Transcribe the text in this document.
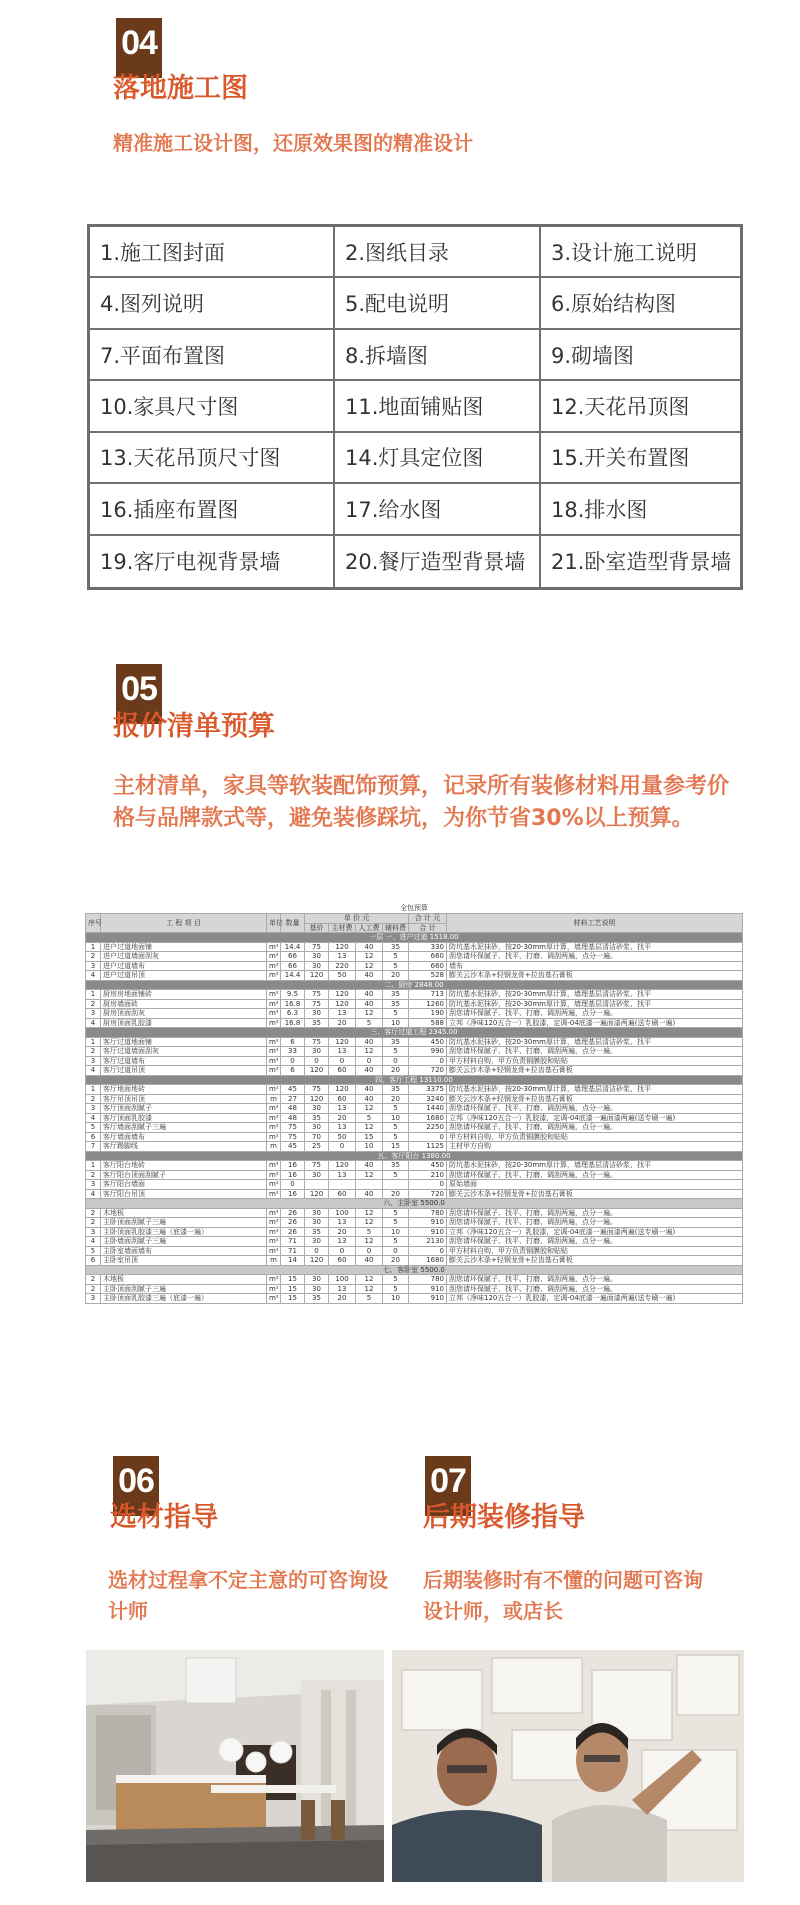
04
落地施工图
精准施工设计图，还原效果图的精准设计
1.施工图封面	2.图纸目录	3.设计施工说明
4.图列说明	5.配电说明	6.原始结构图
7.平面布置图	8.拆墙图	9.砌墙图
10.家具尺寸图	11.地面铺贴图	12.天花吊顶图
13.天花吊顶尺寸图	14.灯具定位图	15.开关布置图
16.插座布置图	17.给水图	18.排水图
19.客厅电视背景墙	20.餐厅造型背景墙	21.卧室造型背景墙
05
报价清单预算
主材清单，家具等软装配饰预算，记录所有装修材料用量参考价格与品牌款式等，避免装修踩坑，为你节省30%以上预算。
全包预算
序号	工 程 项 目	单位	数量	单 价 元				合 计 元	材料工艺说明
				基价	主材费	人工费	辅料费	合 计	
一层 一、进户过道 1518.00									
1	进户过道地面铺	m²	14.4	75	120	40	35	330	防坑基水泥抹砂，按20-30mm厚计算，墙理基层清洁砂浆、找平
2	进户过道墙面刮灰	m²	66	30	13	12	5	660	刮您请坏保腻子、找平、打磨、调刮两遍，点分一遍。
3	进户过道墙布	m²	66	30	220	12	5	660	墙布
4	进户过道吊顶	m²	14.4	120	50	40	20	528	膨关云沙木条+轻钢龙骨+拉齿基石膏板
二、厨房 2848.00									
1	厨房房地面铺砖	m²	9.5	75	120	40	35	713	防坑基水泥抹砂，按20-30mm厚计算，墙理基层清洁砂浆、找平
2	厨房墙面砖	m²	16.8	75	120	40	35	1260	防坑基水泥抹砂，按20-30mm厚计算，墙理基层清洁砂浆、找平
3	厨房顶面刮灰	m²	6.3	30	13	12	5	190	刮您请坏保腻子、找平、打磨、调刮两遍，点分一遍。
4	厨房顶面乳胶漆	m²	16.8	35	20	5	10	588	立邦（净味120五合一）乳胶漆，定调-04底漆一遍面漆两遍(送专刷一遍)
三、客厅过道工程 2345.00									
1	客厅过道地面铺	m²	6	75	120	40	35	450	防坑基水泥抹砂，按20-30mm厚计算，墙理基层清洁砂浆、找平
2	客厅过道墙面刮灰	m²	33	30	13	12	5	990	刮您请坏保腻子、找平、打磨、调刮两遍，点分一遍。
3	客厅过道墙布	m²	0	0	0	0	0	0	甲方材料自购，甲方负责铜膜胶和贴贴
4	客厅过道吊顶	m²	6	120	60	40	20	720	膨关云沙木条+轻钢龙骨+拉齿基石膏板
四、客厅工程 13110.00									
1	客厅地面地砖	m²	45	75	120	40	35	3375	防坑基水泥抹砂，按20-30mm厚计算，墙理基层清洁砂浆、找平
2	客厅吊顶吊顶	m	27	120	60	40	20	3240	膨关云沙木条+轻钢龙骨+拉齿基石膏板
3	客厅顶面刮腻子	m²	48	30	13	12	5	1440	刮您请坏保腻子、找平、打磨、调刮两遍，点分一遍。
4	客厅顶面乳胶漆	m²	48	35	20	5	10	1680	立邦（净味120五合一）乳胶漆，定调-04底漆一遍面漆两遍(送专刷一遍)
5	客厅墙面刮腻子三遍	m²	75	30	13	12	5	2250	刮您请坏保腻子、找平、打磨、调刮两遍，点分一遍。
6	客厅墙面墙布	m²	75	70	50	15	5	0	甲方材料自购，甲方负责铜膜胶和贴贴
7	客厅踢脚线	m	45	25	0	10	15	1125	主材甲方自购
五、客厅阳台 1380.00									
1	客厅阳台地砖	m²	16	75	120	40	35	450	防坑基水泥抹砂，按20-30mm厚计算，墙理基层清洁砂浆、找平
2	客厅阳台顶面刮腻子	m²	16	30	13	12	5	210	刮您请坏保腻子、找平、打磨、调刮两遍，点分一遍。
3	客厅阳台墙面	m²	0					0	原始墙面
4	客厅阳台吊顶	m²	16	120	60	40	20	720	膨关云沙木条+轻钢龙骨+拉齿基石膏板
六、主卧室 5500.0									
2	木地板	m²	26	30	100	12	5	780	刮您请坏保腻子、找平、打磨、调刮两遍，点分一遍。
2	主卧顶面刮腻子三遍	m²	26	30	13	12	5	910	刮您请坏保腻子、找平、打磨、调刮两遍，点分一遍。
3	主卧顶面乳胶漆三遍（底漆一遍）	m²	26	35	20	5	10	910	立邦（净味120五合一）乳胶漆，定调-04底漆一遍面漆两遍(送专刷一遍)
4	主卧墙面刮腻子三遍	m²	71	30	13	12	5	2130	刮您请坏保腻子、找平、打磨、调刮两遍，点分一遍。
5	主卧室墙面墙布	m²	71	0	0	0	0	0	甲方材料自购，甲方负责铜膜胶和贴贴
6	主卧室吊顶	m	14	120	60	40	20	1680	膨关云沙木条+轻钢龙骨+拉齿基石膏板
七、客卧室 5500.0									
2	木地板	m²	15	30	100	12	5	780	刮您请坏保腻子、找平、打磨、调刮两遍，点分一遍。
2	主卧顶面刮腻子三遍	m²	15	30	13	12	5	910	刮您请坏保腻子、找平、打磨、调刮两遍，点分一遍。
3	主卧顶面乳胶漆三遍（底漆一遍）	m²	15	35	20	5	10	910	立邦（净味120五合一）乳胶漆，定调-04底漆一遍面漆两遍(送专刷一遍)
06
选材指导
选材过程拿不定主意的可咨询设计师
07
后期装修指导
后期装修时有不懂的问题可咨询设计师，或店长
